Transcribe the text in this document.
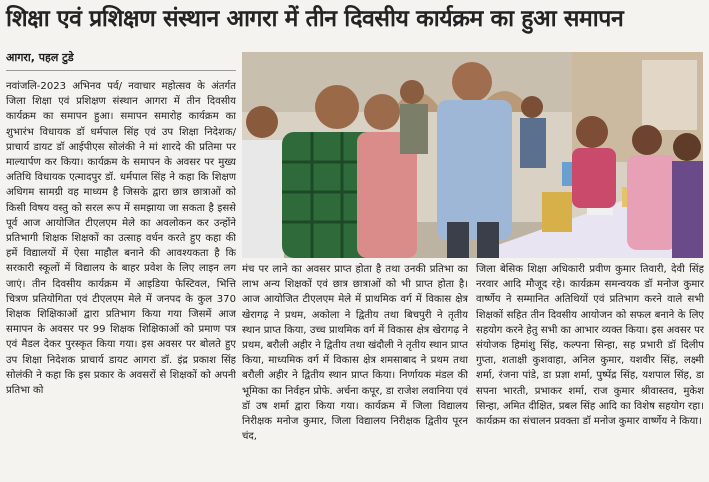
शिक्षा एवं प्रशिक्षण संस्थान आगरा में तीन दिवसीय कार्यक्रम का हुआ समापन
आगरा, पहल टुडे
नवांजलि-2023 अभिनव पर्व/ नवाचार महोत्सव के अंतर्गत जिला शिक्षा एवं प्रशिक्षण संस्थान आगरा में तीन दिवसीय कार्यक्रम का समापन हुआ। समापन समारोह कार्यक्रम का शुभारंभ विधायक डॉ धर्मपाल सिंह एवं उप शिक्षा निदेशक/ प्राचार्य डायट डॉ आईपीएस सोलंकी ने मां शारदे की प्रतिमा पर माल्यार्पण कर किया। कार्यक्रम के समापन के अवसर पर मुख्य अतिथि विधायक एत्मादपुर डॉ. धर्मपाल सिंह ने कहा कि शिक्षण अधिगम सामग्री वह माध्यम है जिसके द्वारा छात्र छात्राओं को किसी विषय वस्तु को सरल रूप में समझाया जा सकता है इससे पूर्व आज आयोजित टीएलएम मेले का अवलोकन कर उन्होंने प्रतिभागी शिक्षक शिक्षकों का उत्साह वर्धन करते हुए कहा की हमें विद्यालयों में ऐसा माहौल बनाने की आवश्यकता है कि सरकारी स्कूलों में विद्यालय के बाहर प्रवेश के लिए लाइन लग जाएं। तीन दिवसीय कार्यक्रम में आइडिया फेस्टिवल, भित्ति चित्रण प्रतियोगिता एवं टीएलएम मेले में जनपद के कुल 370 शिक्षक शिक्षिकाओं द्वारा प्रतिभाग किया गया जिसमें आज समापन के अवसर पर 99 शिक्षक शिक्षिकाओं को प्रमाण पत्र एवं मैडल देकर पुरस्कृत किया गया। इस अवसर पर बोलते हुए उप शिक्षा निदेशक प्राचार्य डायट आगरा डॉ. इंद्र प्रकाश सिंह सोलंकी ने कहा कि इस प्रकार के अवसरों से शिक्षकों को अपनी प्रतिभा को
मंच पर लाने का अवसर प्राप्त होता है तथा उनकी प्रतिभा का लाभ अन्य शिक्षकों एवं छात्र छात्राओं को भी प्राप्त होता है। आज आयोजित टीएलएम मेले में प्राथमिक वर्ग में विकास क्षेत्र खेरागढ़ ने प्रथम, अकोला ने द्वितीय तथा बिचपुरी ने तृतीय स्थान प्राप्त किया, उच्च प्राथमिक वर्ग में विकास क्षेत्र खेरागढ़ ने प्रथम, बरौली अहीर ने द्वितीय तथा खंदौली ने तृतीय स्थान प्राप्त किया, माध्यमिक वर्ग में विकास क्षेत्र शमसाबाद ने प्रथम तथा बरौली अहीर ने द्वितीय स्थान प्राप्त किया। निर्णायक मंडल की भूमिका का निर्वहन प्रोफे. अर्चना कपूर, डा राजेश लवानिया एवं डॉ उष शर्मा द्वारा किया गया। कार्यक्रम में जिला विद्यालय निरीक्षक मनोज कुमार, जिला विद्यालय निरीक्षक द्वितीय पूरन चंद,
जिला बेसिक शिक्षा अधिकारी प्रवीण कुमार तिवारी, देवी सिंह नरवार आदि मौजूद रहे। कार्यक्रम समन्वयक डॉ मनोज कुमार वार्ष्णेय ने सम्मानित अतिथियों एवं प्रतिभाग करने वाले सभी शिक्षकों सहित तीन दिवसीय आयोजन को सफल बनाने के लिए सहयोग करने हेतु सभी का आभार व्यक्त किया। इस अवसर पर संयोजक हिमांशु सिंह, कल्पना सिन्हा, सह प्रभारी डॉ दिलीप गुप्ता, शताक्षी कुशवाहा, अनिल कुमार, यशवीर सिंह, लक्ष्मी शर्मा, रंजना पांडे, डा प्रज्ञा शर्मा, पुष्पेंद्र सिंह, यशपाल सिंह, डा सपना भारती, प्रभाकर शर्मा, राज कुमार श्रीवास्तव, मुकेश सिन्हा, अमित दीक्षित, प्रबल सिंह आदि का विशेष सहयोग रहा। कार्यक्रम का संचालन प्रवक्ता डॉ मनोज कुमार वार्ष्णेय ने किया।
